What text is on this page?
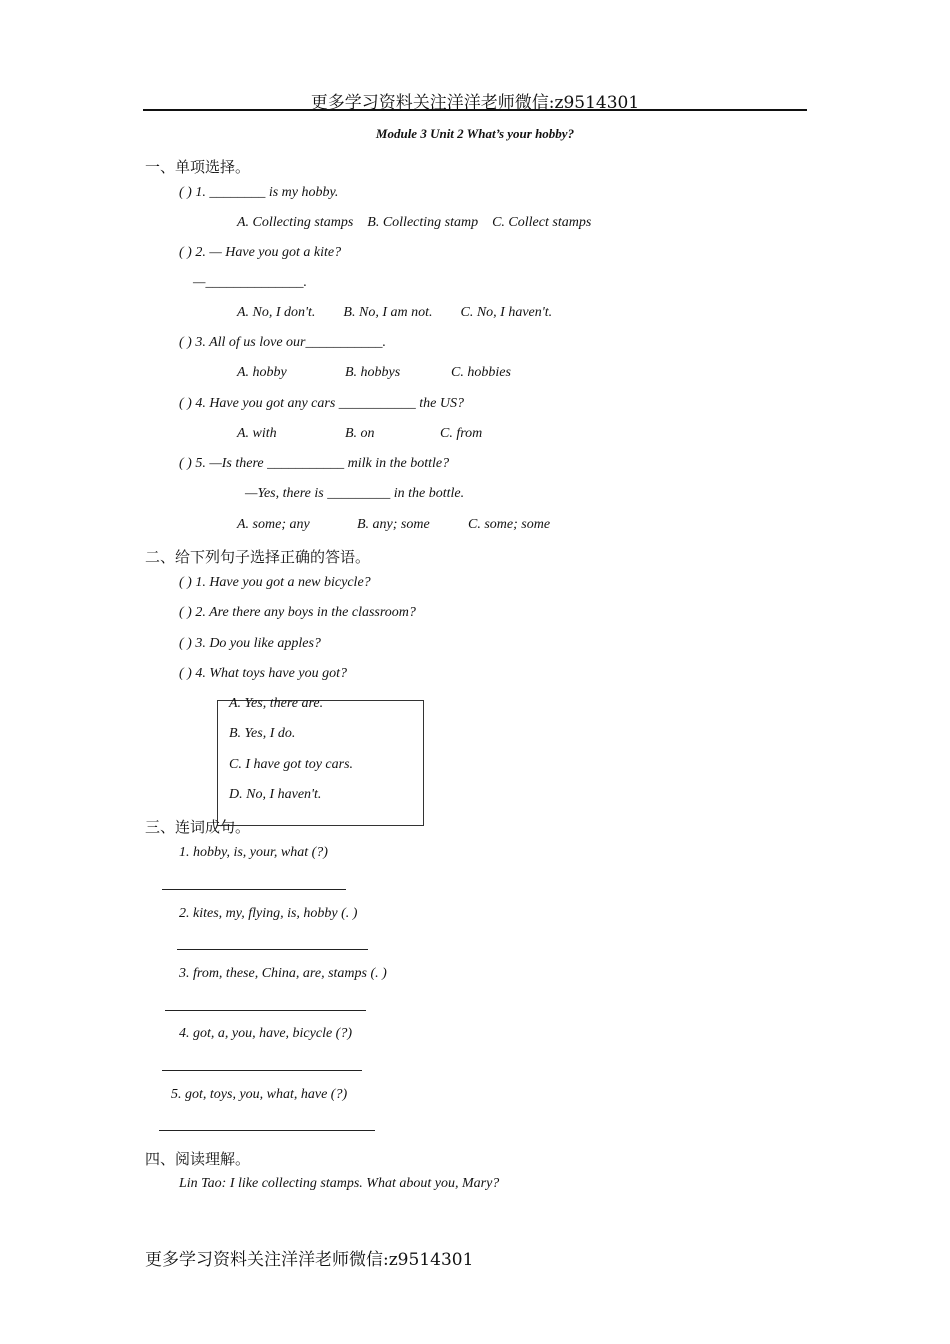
更多学习资料关注洋洋老师微信:z9514301
Module 3 Unit 2 What’s your hobby?
一、单项选择。
( ) 1. ________ is my hobby.
A. Collecting stamps    B. Collecting stamp    C. Collect stamps
( ) 2. — Have you got a kite?
—______________.
A. No, I don't.        B. No, I am not.        C. No, I haven't.
( ) 3. All of us love our___________.
A. hobby	B. hobbys	C. hobbies
( ) 4. Have you got any cars ___________ the US?
A. with	B. on	C. from
( ) 5. —Is there ___________ milk in the bottle?
—Yes, there is _________ in the bottle.
A. some; any	B. any; some	C. some; some
二、给下列句子选择正确的答语。
( ) 1. Have you got a new bicycle?
( ) 2. Are there any boys in the classroom?
( ) 3. Do you like apples?
( ) 4. What toys have you got?
A. Yes, there are.
B. Yes, I do.
C. I have got toy cars.
D. No, I haven't.
三、连词成句。
1. hobby, is, your, what (?)
2. kites, my, flying, is, hobby (. )
3. from, these, China, are, stamps (. )
4. got, a, you, have, bicycle (?)
5. got, toys, you, what, have (?)
四、阅读理解。
Lin Tao: I like collecting stamps. What about you, Mary?
更多学习资料关注洋洋老师微信:z9514301
